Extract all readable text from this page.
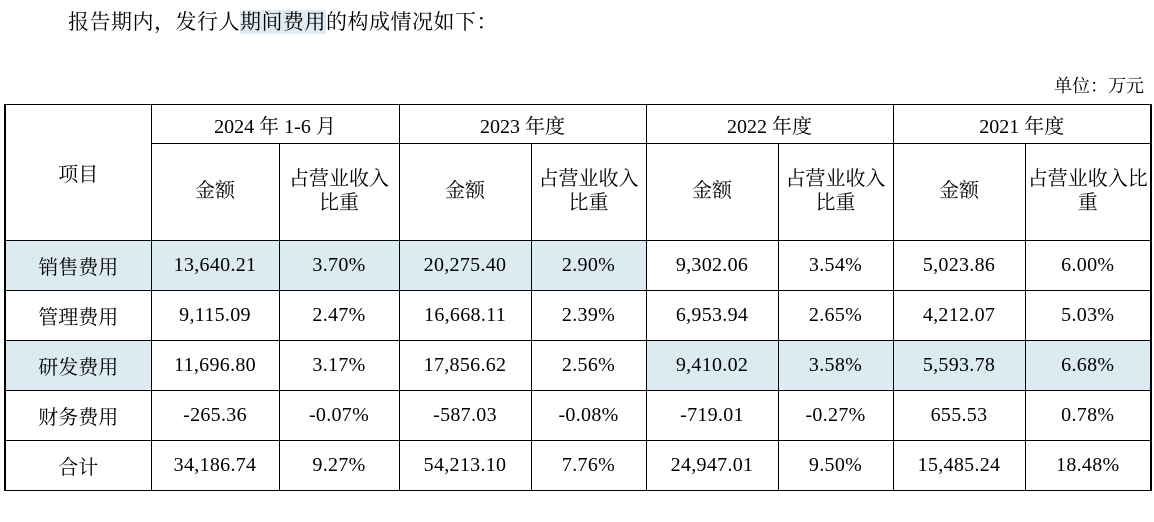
报告期内，发行人期间费用的构成情况如下：
单位：万元
项目	2024 年 1-6 月		2023 年度		2022 年度		2021 年度	
	金额	占营业收入比重	金额	占营业收入比重	金额	占营业收入比重	金额	占营业收入比重
销售费用	13,640.21	3.70%	20,275.40	2.90%	9,302.06	3.54%	5,023.86	6.00%
管理费用	9,115.09	2.47%	16,668.11	2.39%	6,953.94	2.65%	4,212.07	5.03%
研发费用	11,696.80	3.17%	17,856.62	2.56%	9,410.02	3.58%	5,593.78	6.68%
财务费用	-265.36	-0.07%	-587.03	-0.08%	-719.01	-0.27%	655.53	0.78%
合计	34,186.74	9.27%	54,213.10	7.76%	24,947.01	9.50%	15,485.24	18.48%
